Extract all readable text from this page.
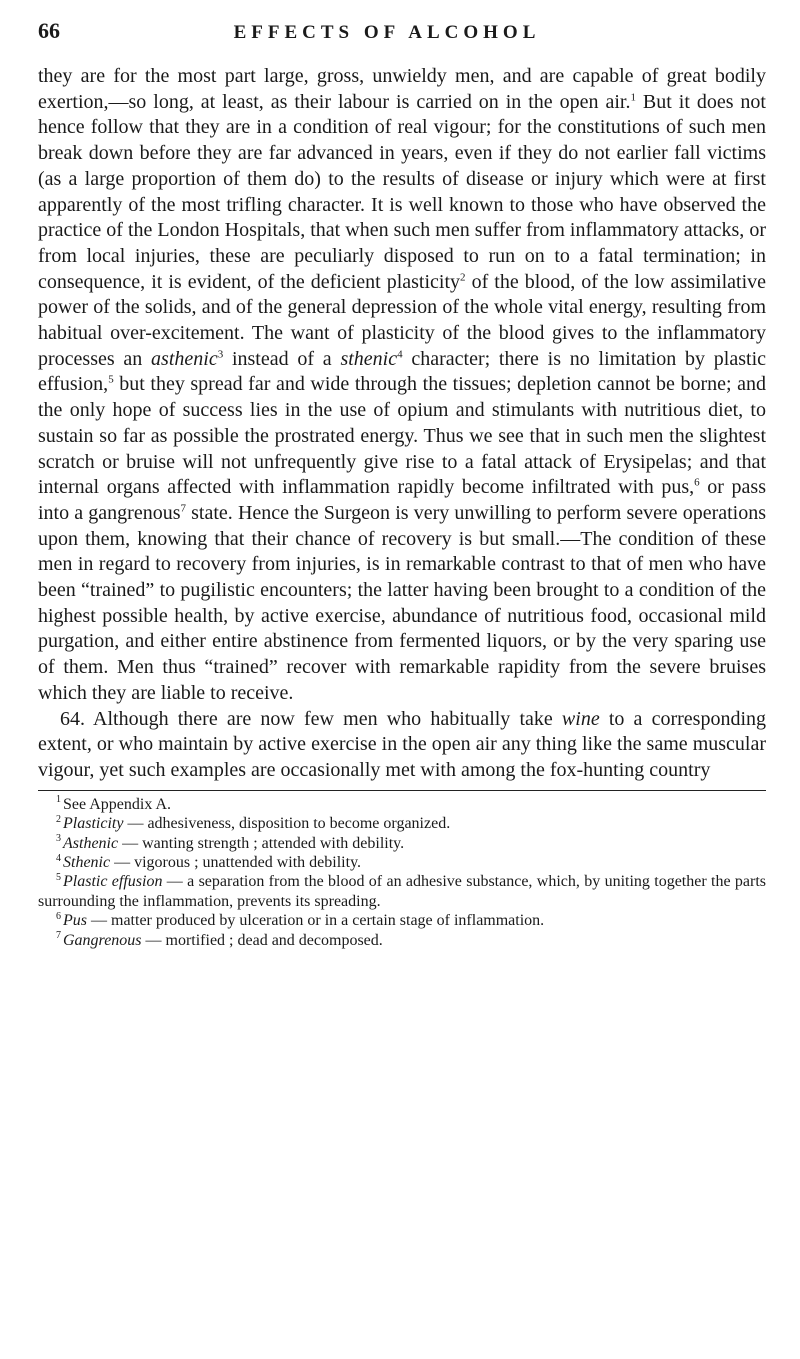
66	EFFECTS OF ALCOHOL

they are for the most part large, gross, unwieldy men, and are capable of great bodily exertion,—so long, at least, as their labour is carried on in the open air.$^1$ But it does not hence follow that they are in a condition of real vigour; for the constitutions of such men break down before they are far advanced in years, even if they do not earlier fall victims (as a large proportion of them do) to the results of disease or injury which were at first apparently of the most trifling character. It is well known to those who have observed the practice of the London Hospitals, that when such men suffer from inflammatory attacks, or from local injuries, these are peculiarly disposed to run on to a fatal termination; in consequence, it is evident, of the deficient plasticity$^2$ of the blood, of the low assimilative power of the solids, and of the general depression of the whole vital energy, resulting from habitual over-excitement. The want of plasticity of the blood gives to the inflammatory processes an asthenic$^3$ instead of a sthenic$^4$ character; there is no limitation by plastic effusion,$^5$ but they spread far and wide through the tissues; depletion cannot be borne; and the only hope of success lies in the use of opium and stimulants with nutritious diet, to sustain so far as possible the prostrated energy. Thus we see that in such men the slightest scratch or bruise will not unfrequently give rise to a fatal attack of Erysipelas; and that internal organs affected with inflammation rapidly become infiltrated with pus,$^6$ or pass into a gangrenous$^7$ state. Hence the Surgeon is very unwilling to perform severe operations upon them, knowing that their chance of recovery is but small.—The condition of these men in regard to recovery from injuries, is in remarkable contrast to that of men who have been “trained” to pugilistic encounters; the latter having been brought to a condition of the highest possible health, by active exercise, abundance of nutritious food, occasional mild purgation, and either entire abstinence from fermented liquors, or by the very sparing use of them. Men thus “trained” recover with remarkable rapidity from the severe bruises which they are liable to receive.

64. Although there are now few men who habitually take wine to a corresponding extent, or who maintain by active exercise in the open air any thing like the same muscular vigour, yet such examples are occasionally met with among the fox-hunting country

$^1$ See Appendix A.

$^2$ Plasticity — adhesiveness, disposition to become organized.

$^3$ Asthenic — wanting strength ; attended with debility.

$^4$ Sthenic — vigorous ; unattended with debility.

$^5$ Plastic effusion — a separation from the blood of an adhesive substance, which, by uniting together the parts surrounding the inflammation, prevents its spreading.

$^6$ Pus — matter produced by ulceration or in a certain stage of inflammation.

$^7$ Gangrenous — mortified ; dead and decomposed.
